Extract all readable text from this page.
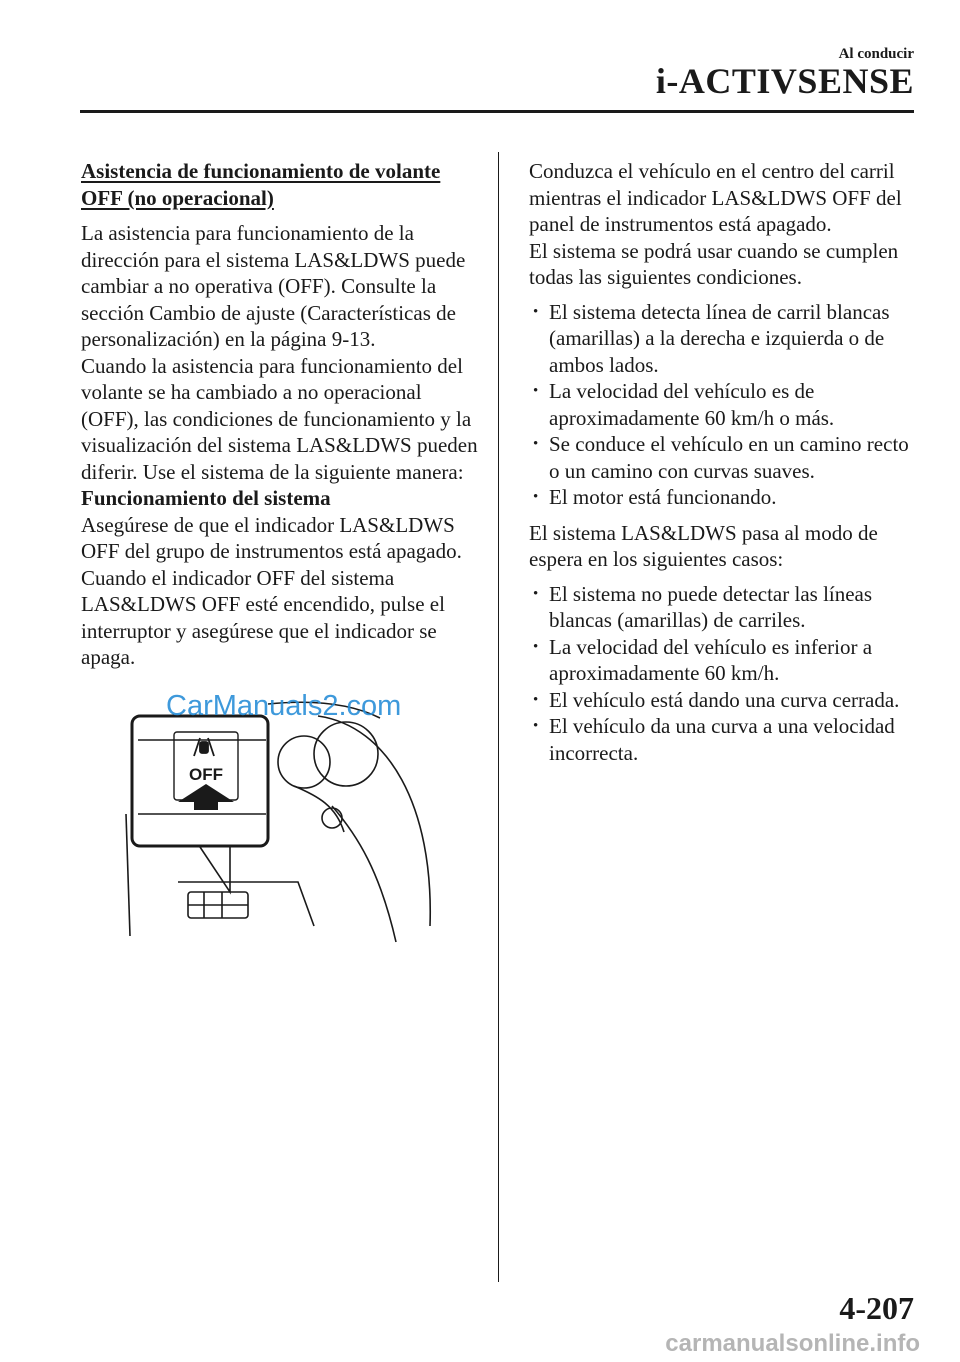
Al conducir
i-ACTIVSENSE

Asistencia de funcionamiento de volante
OFF (no operacional)

La asistencia para funcionamiento de la dirección para el sistema LAS&LDWS puede cambiar a no operativa (OFF). Consulte la sección Cambio de ajuste (Características de personalización) en la página 9-13.

Cuando la asistencia para funcionamiento del volante se ha cambiado a no operacional (OFF), las condiciones de funcionamiento y la visualización del sistema LAS&LDWS pueden diferir. Use el sistema de la siguiente manera:

Funcionamiento del sistema

Asegúrese de que el indicador LAS&LDWS OFF del grupo de instrumentos está apagado. Cuando el indicador OFF del sistema LAS&LDWS OFF esté encendido, pulse el interruptor y asegúrese que el indicador se apaga.

OFF
CarManuals2.com

Conduzca el vehículo en el centro del carril mientras el indicador LAS&LDWS OFF del panel de instrumentos está apagado.

El sistema se podrá usar cuando se cumplen todas las siguientes condiciones.

• El sistema detecta línea de carril blancas (amarillas) a la derecha e izquierda o de ambos lados.
• La velocidad del vehículo es de aproximadamente 60 km/h o más.
• Se conduce el vehículo en un camino recto o un camino con curvas suaves.
• El motor está funcionando.

El sistema LAS&LDWS pasa al modo de espera en los siguientes casos:

• El sistema no puede detectar las líneas blancas (amarillas) de carriles.
• La velocidad del vehículo es inferior a aproximadamente 60 km/h.
• El vehículo está dando una curva cerrada.
• El vehículo da una curva a una velocidad incorrecta.
4-207
carmanualsonline.info
